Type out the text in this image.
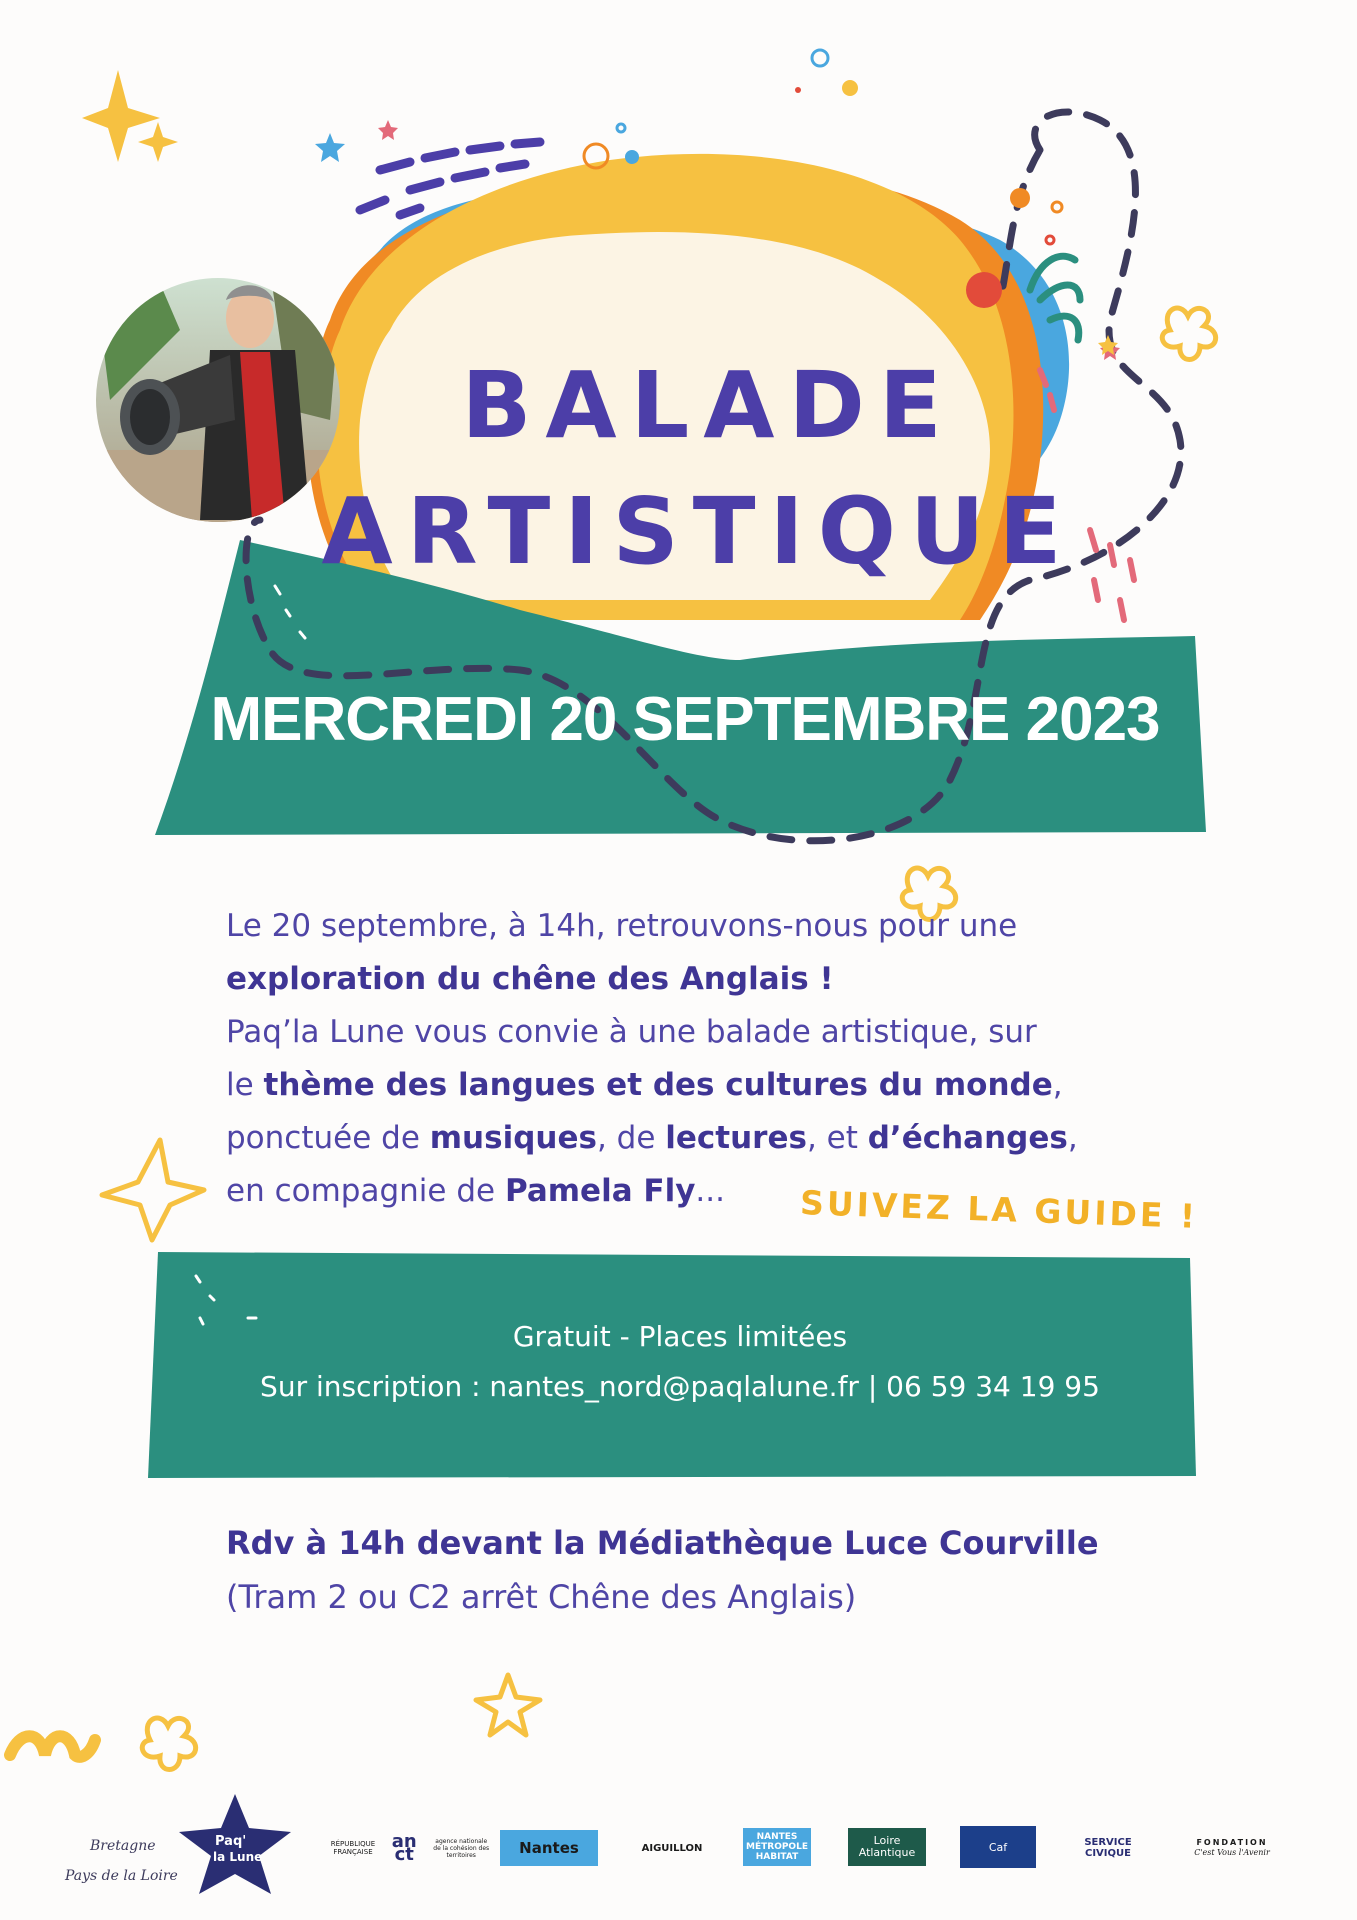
BALADE
ARTISTIQUE
MERCREDI 20 SEPTEMBRE 2023

Le 20 septembre, à 14h, retrouvons-nous pour une

exploration du chêne des Anglais !

Paq’la Lune vous convie à une balade artistique, sur

le thème des langues et des cultures du monde,

ponctuée de musiques, de lectures, et d’échanges,

en compagnie de Pamela Fly...	SUIVEZ LA GUIDE !
Gratuit - Places limitées
Sur inscription : nantes_nord@paqlalune.fr | 06 59 34 19 95
Rdv à 14h devant la Médiathèque Luce Courville
(Tram 2 ou C2 arrêt Chêne des Anglais)
Bretagne
Pays de la Loire
Paq'
la Lune
RÉPUBLIQUE FRANÇAISE	an ct
agence nationale de la cohésion des territoires	Nantes	AIGUILLON
NANTES MÉTROPOLE HABITAT
Loire Atlantique	Caf	SERVICE CIVIQUE
FONDATION
C'est Vous l'Avenir
